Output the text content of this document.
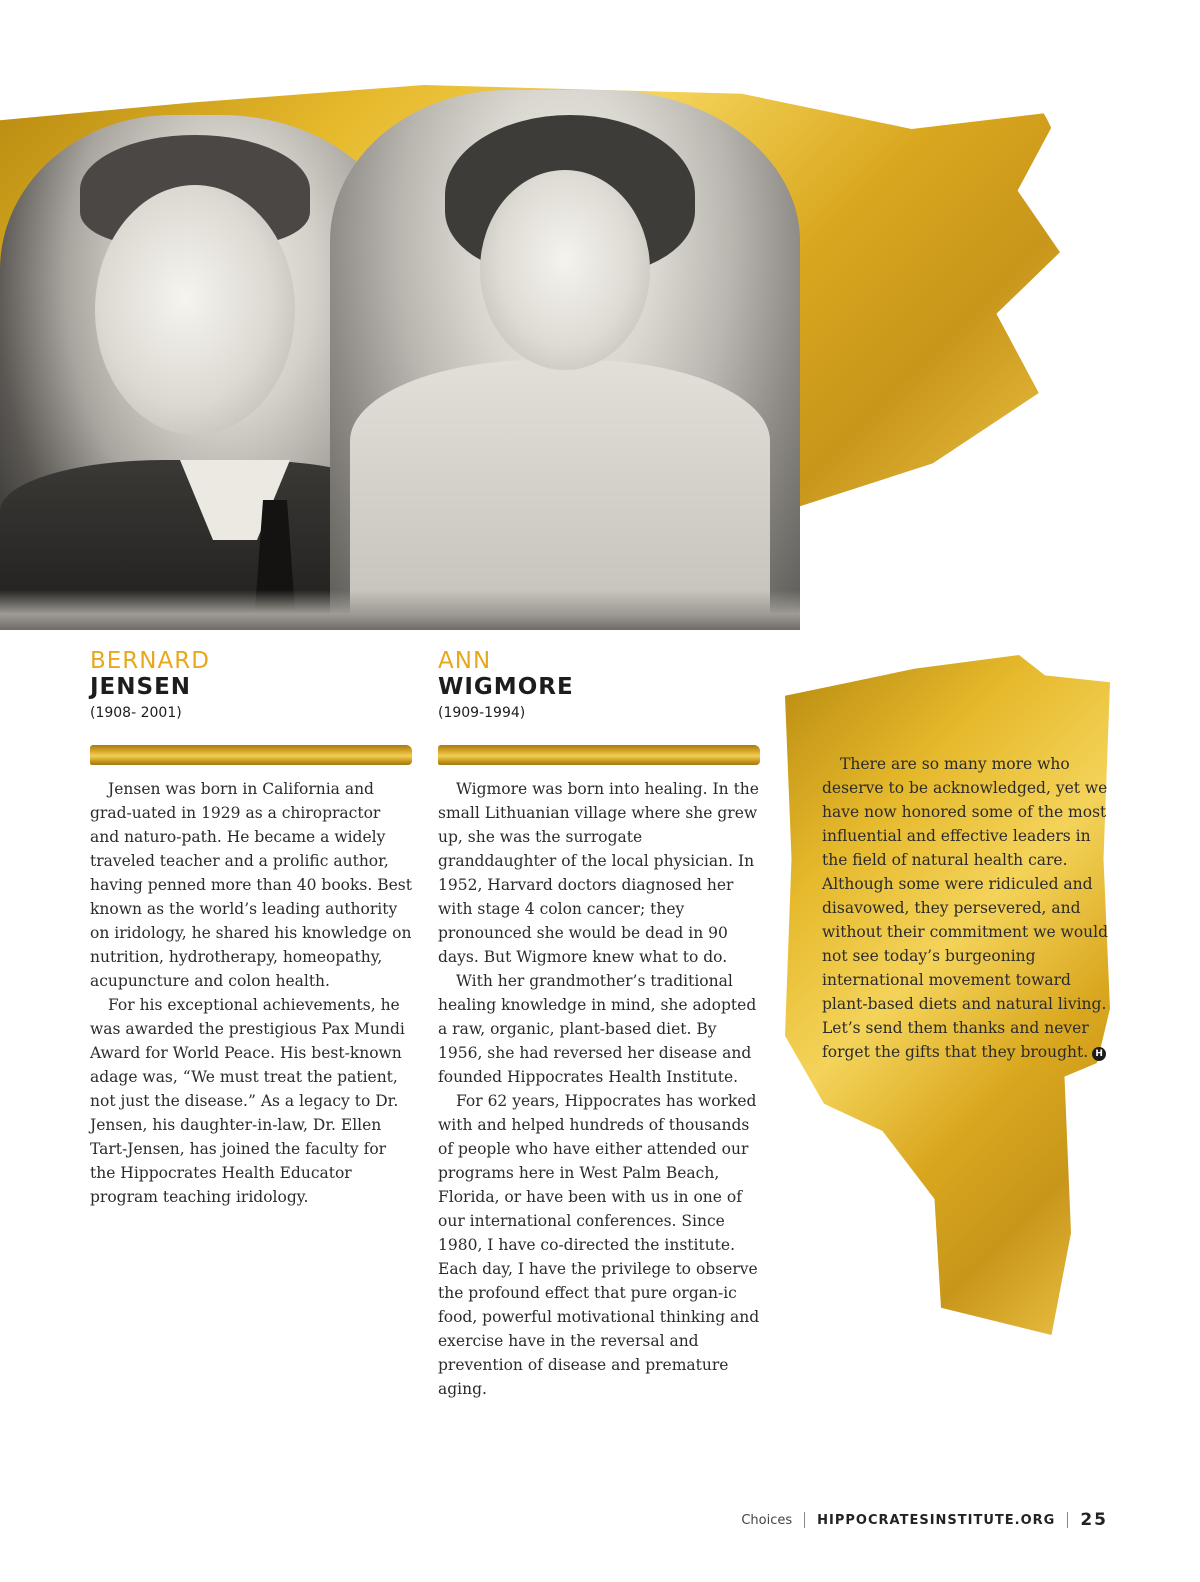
BERNARD
JENSEN
(1908- 2001)

Jensen was born in California and grad-uated in 1929 as a chiropractor and naturo-path. He became a widely traveled teacher and a prolific author, having penned more than 40 books. Best known as the world’s leading authority on iridology, he shared his knowledge on nutrition, hydrotherapy, homeopathy, acupuncture and colon health.

For his exceptional achievements, he was awarded the prestigious Pax Mundi Award for World Peace. His best-known adage was, “We must treat the patient, not just the disease.” As a legacy to Dr. Jensen, his daughter-in-law, Dr. Ellen Tart-Jensen, has joined the faculty for the Hippocrates Health Educator program teaching iridology.

ANN
WIGMORE
(1909-1994)

Wigmore was born into healing. In the small Lithuanian village where she grew up, she was the surrogate granddaughter of the local physician. In 1952, Harvard doctors diagnosed her with stage 4 colon cancer; they pronounced she would be dead in 90 days. But Wigmore knew what to do.

With her grandmother’s traditional healing knowledge in mind, she adopted a raw, organic, plant-based diet. By 1956, she had reversed her disease and founded Hippocrates Health Institute.

For 62 years, Hippocrates has worked with and helped hundreds of thousands of people who have either attended our programs here in West Palm Beach, Florida, or have been with us in one of our international conferences. Since 1980, I have co-directed the institute. Each day, I have the privilege to observe the profound effect that pure organ-ic food, powerful motivational thinking and exercise have in the reversal and prevention of disease and premature aging.

There are so many more who deserve to be acknowledged, yet we have now honored some of the most influential and effective leaders in the field of natural health care. Although some were ridiculed and disavowed, they persevered, and without their commitment we would not see today’s burgeoning international movement toward plant-based diets and natural living. Let’s send them thanks and never forget the gifts that they brought. H

Choices HIPPOCRATESINSTITUTE.ORG 25
